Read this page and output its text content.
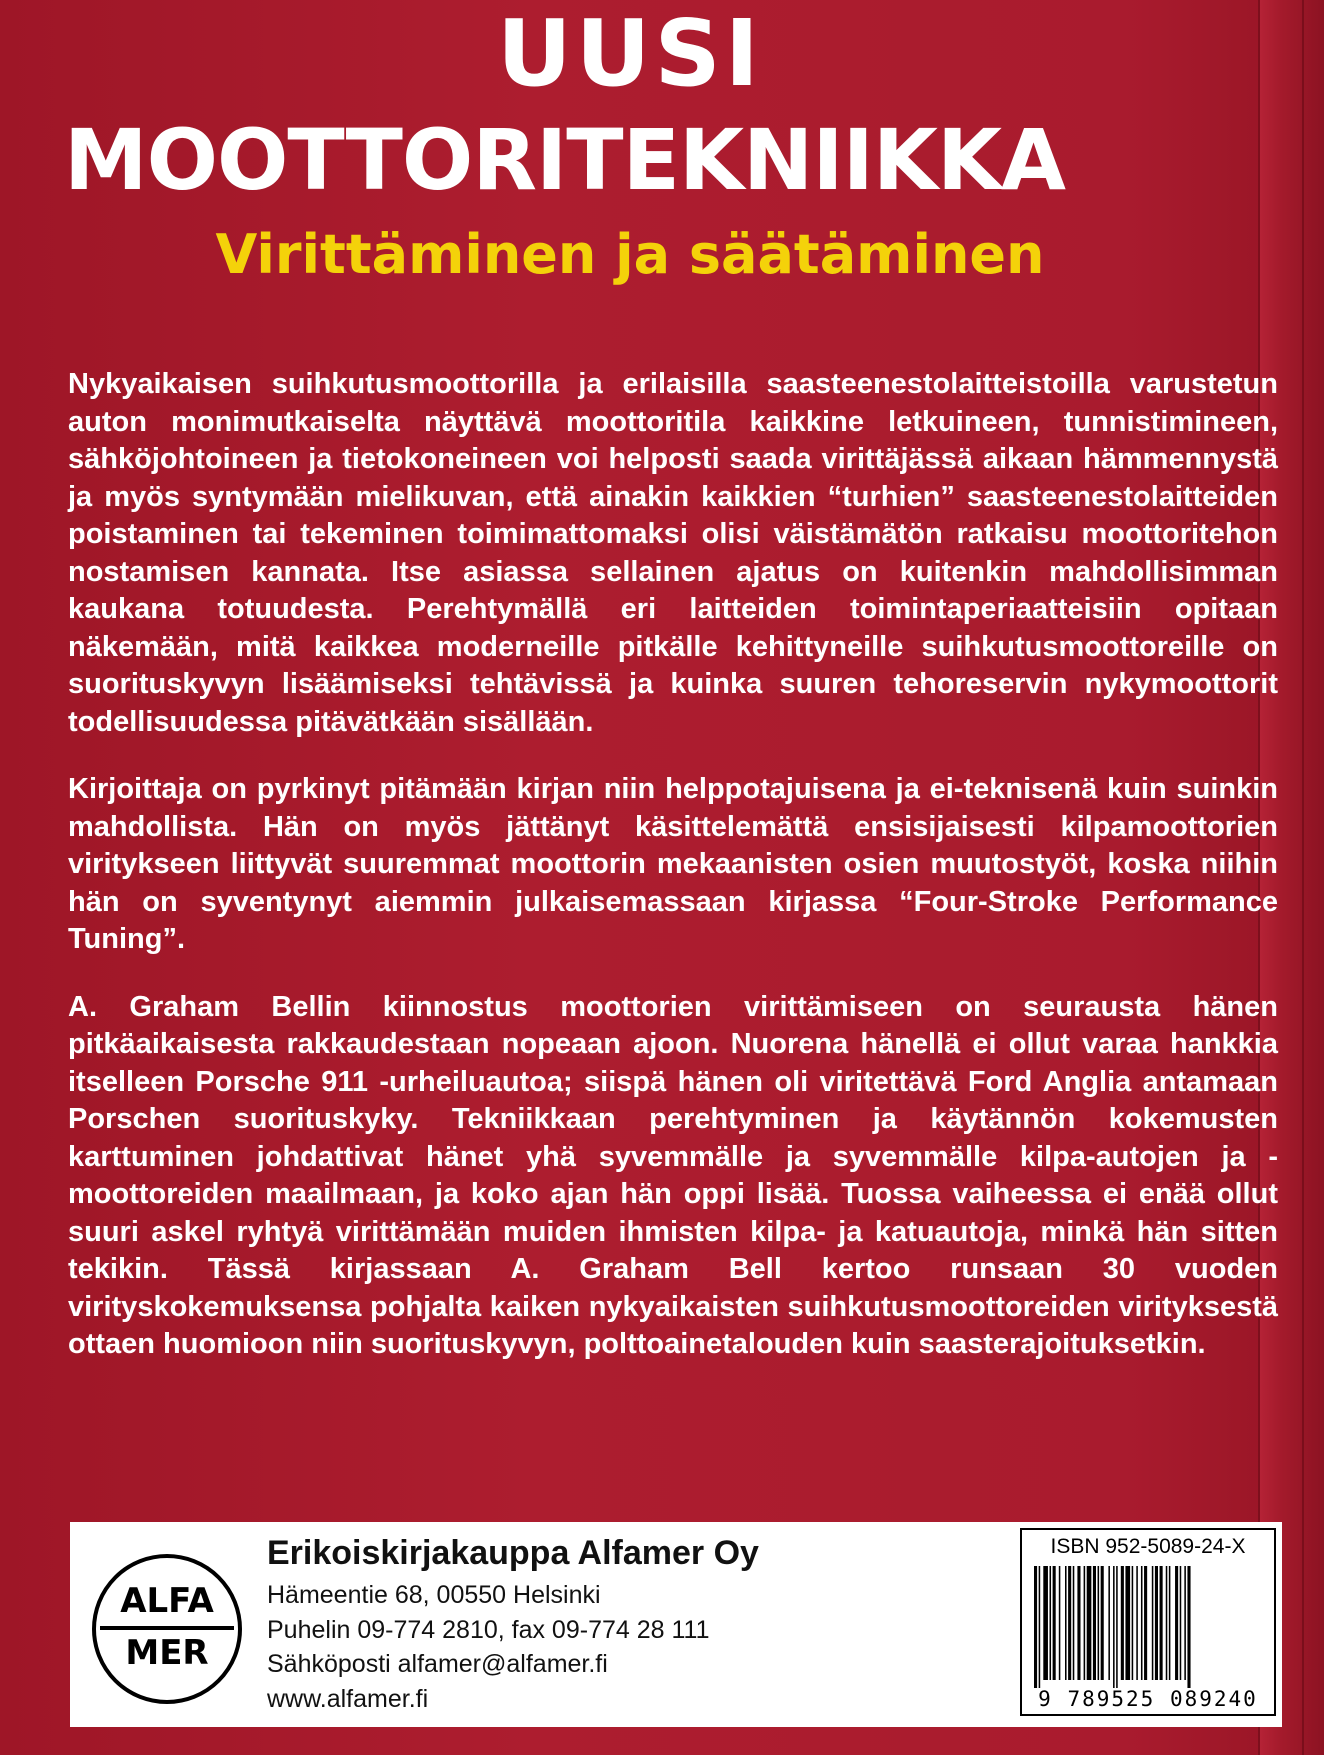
UUSI
MOOTTORITEKNIIKKA
Virittäminen ja säätäminen

Nykyaikaisen suihkutusmoottorilla ja erilaisilla saasteenestolaitteistoilla varustetun auton monimutkaiselta näyttävä moottoritila kaikkine letkuineen, tunnistimineen, sähköjohtoineen ja tietokoneineen voi helposti saada virittäjässä aikaan hämmennystä ja myös syntymään mielikuvan, että ainakin kaikkien “turhien” saasteenestolaitteiden poistaminen tai tekeminen toimimattomaksi olisi väistämätön ratkaisu moottoritehon nostamisen kannata. Itse asiassa sellainen ajatus on kuitenkin mahdollisimman kaukana totuudesta. Perehtymällä eri laitteiden toimintaperiaatteisiin opitaan näkemään, mitä kaikkea moderneille pitkälle kehittyneille suihkutusmoottoreille on suorituskyvyn lisäämiseksi tehtävissä ja kuinka suuren tehoreservin nykymoottorit todellisuudessa pitävätkään sisällään.

Kirjoittaja on pyrkinyt pitämään kirjan niin helppotajuisena ja ei-teknisenä kuin suinkin mahdollista. Hän on myös jättänyt käsittelemättä ensisijaisesti kilpamoottorien viritykseen liittyvät suuremmat moottorin mekaanisten osien muutostyöt, koska niihin hän on syventynyt aiemmin julkaisemassaan kirjassa “Four-Stroke Performance Tuning”.

A. Graham Bellin kiinnostus moottorien virittämiseen on seurausta hänen pitkäaikaisesta rakkaudestaan nopeaan ajoon. Nuorena hänellä ei ollut varaa hankkia itselleen Porsche 911 -urheiluautoa; siispä hänen oli viritettävä Ford Anglia antamaan Porschen suorituskyky. Tekniikkaan perehtyminen ja käytännön kokemusten karttuminen johdattivat hänet yhä syvemmälle ja syvemmälle kilpa-autojen ja -moottoreiden maailmaan, ja koko ajan hän oppi lisää. Tuossa vaiheessa ei enää ollut suuri askel ryhtyä virittämään muiden ihmisten kilpa- ja katuautoja, minkä hän sitten tekikin. Tässä kirjassaan A. Graham Bell kertoo runsaan 30 vuoden virityskokemuksensa pohjalta kaiken nykyaikaisten suihkutusmoottoreiden virityksestä ottaen huomioon niin suorituskyvyn, polttoainetalouden kuin saasterajoituksetkin.

ALFA
MER
Erikoiskirjakauppa Alfamer Oy
Hämeentie 68, 00550 Helsinki
Puhelin 09-774 2810, fax 09-774 28 111
Sähköposti alfamer@alfamer.fi
www.alfamer.fi
ISBN 952-5089-24-X
9 789525 089240
